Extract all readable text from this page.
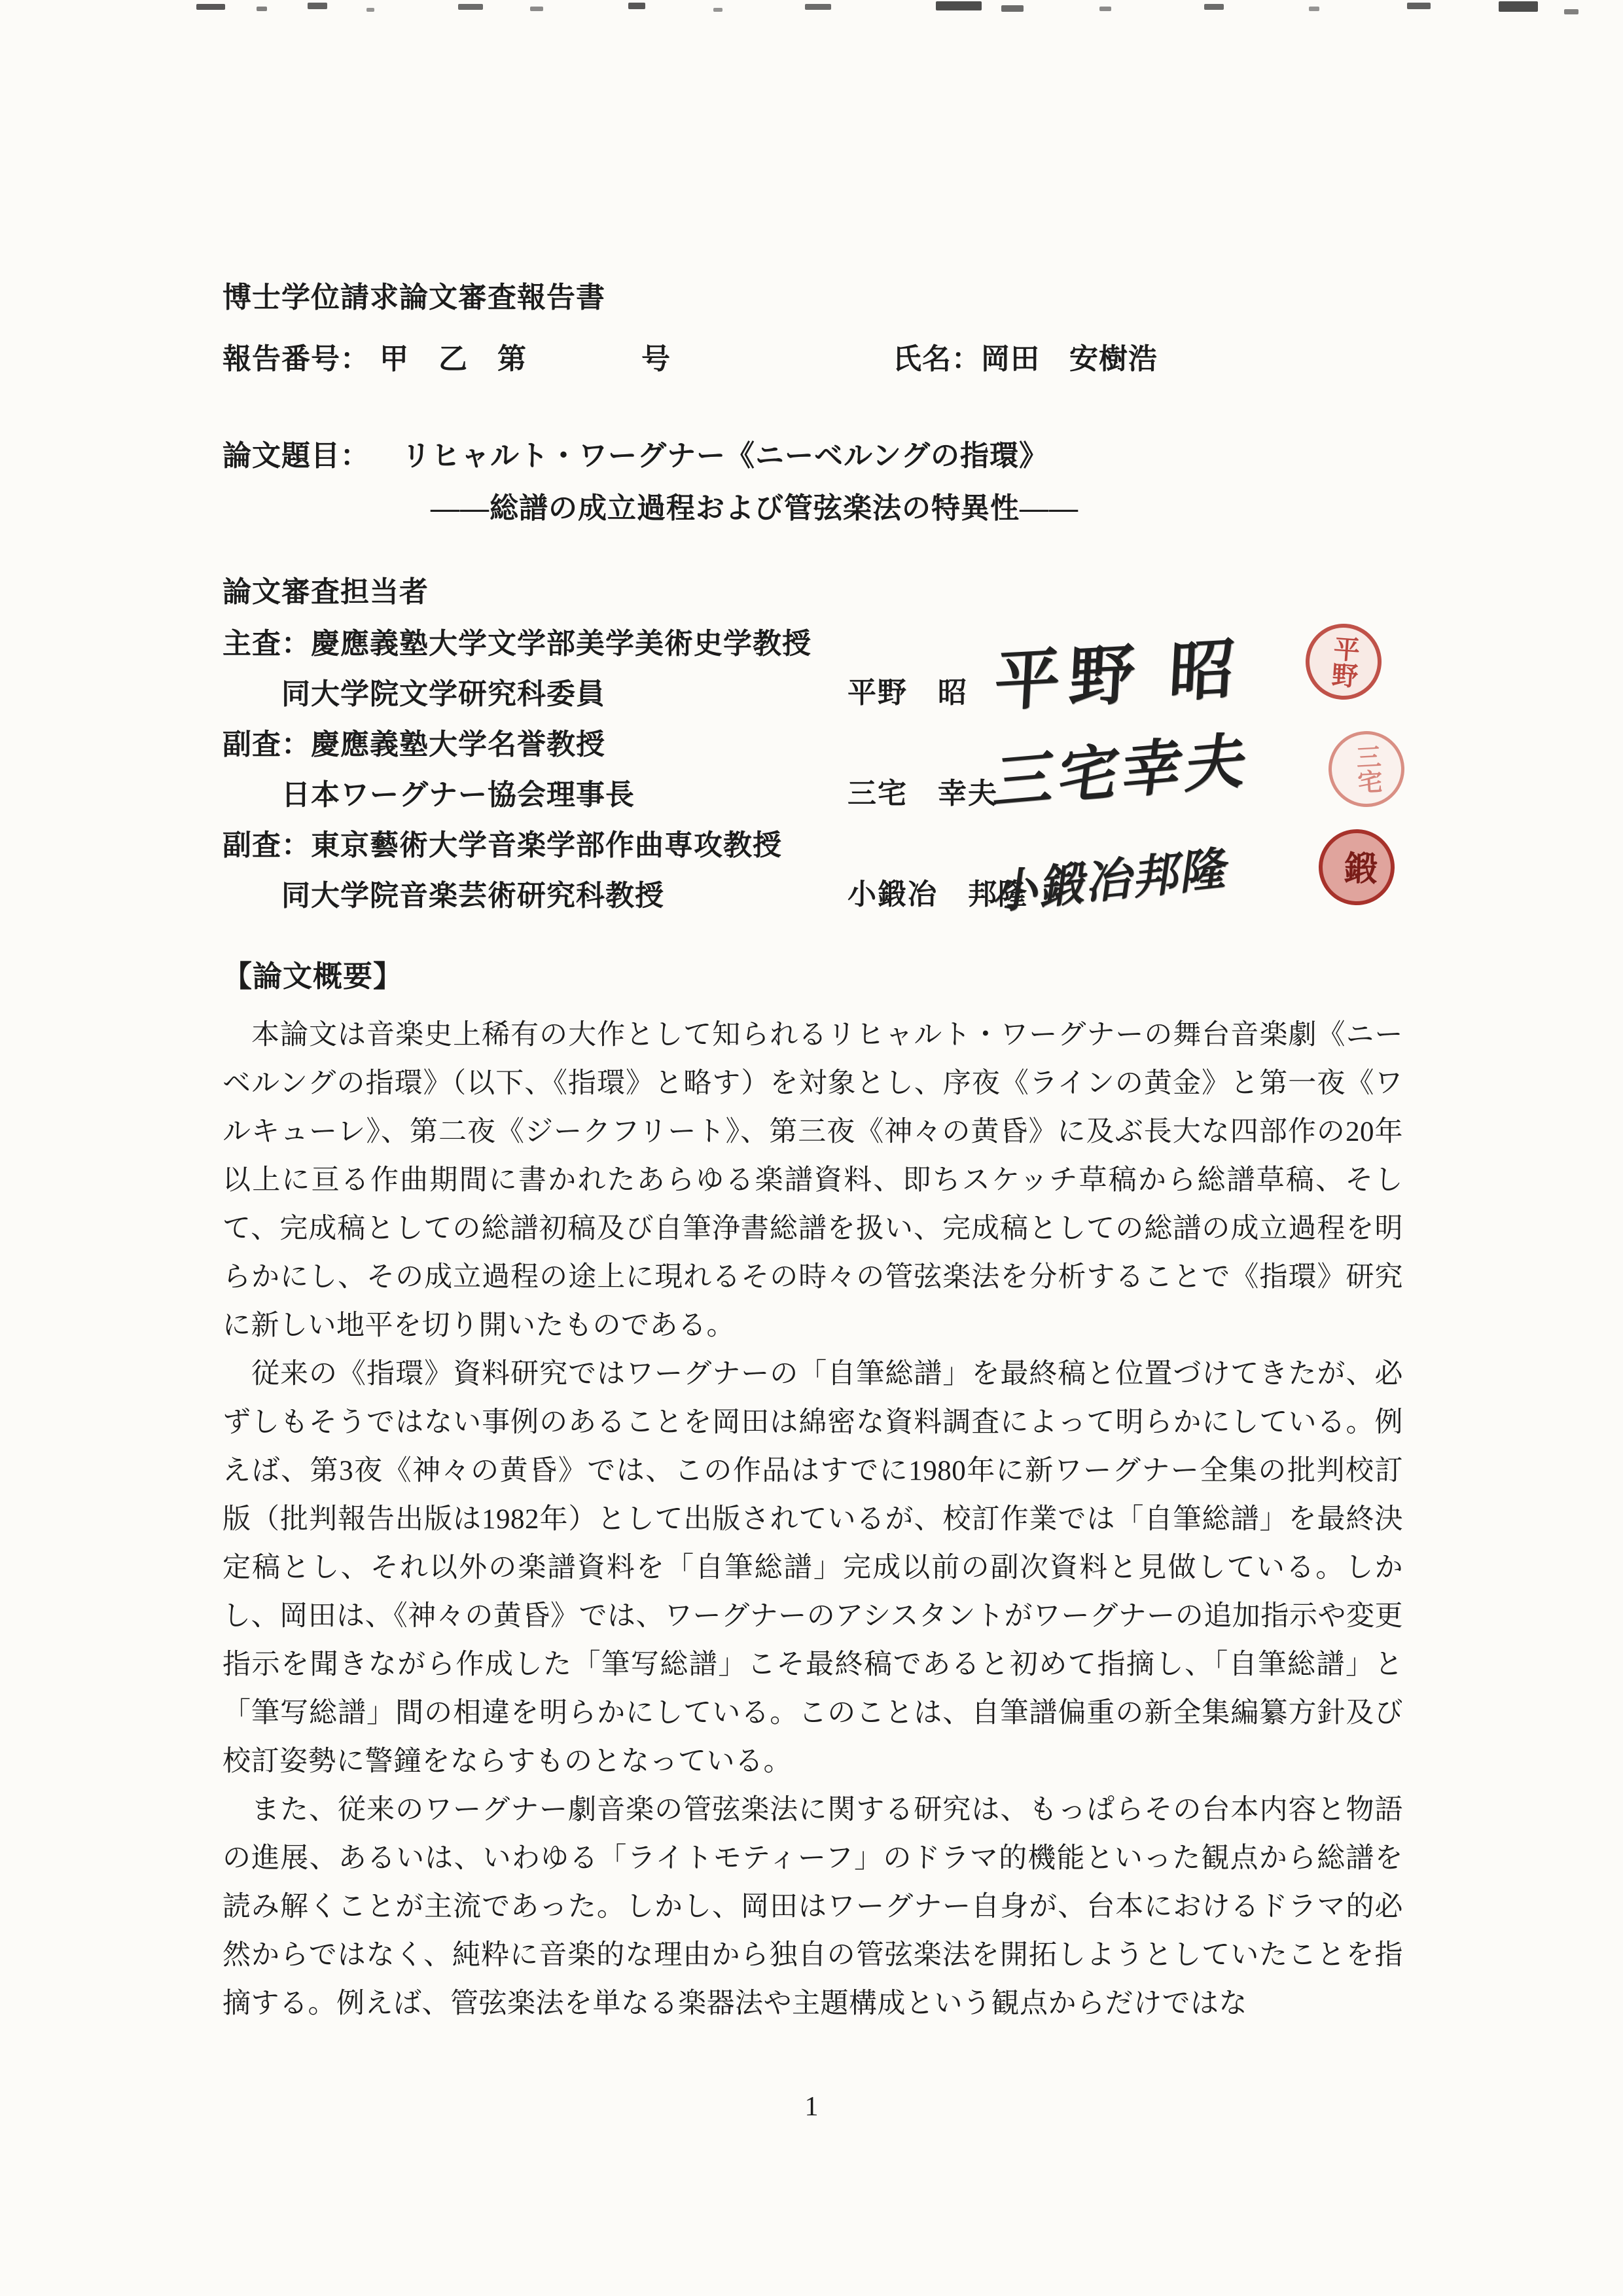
博士学位請求論文審査報告書
報告番号： 甲　乙　第	号	氏名：岡田　安樹浩
論文題目： リヒャルト・ワーグナー《ニーベルングの指環》
――総譜の成立過程および管弦楽法の特異性――
論文審査担当者
主査：慶應義塾大学文学部美学美術史学教授
同大学院文学研究科委員	平野　昭 平野 昭	平野
副査：慶應義塾大学名誉教授
日本ワーグナー協会理事長	三宅　幸夫
三宅幸夫	三宅
副査：東京藝術大学音楽学部作曲専攻教授
同大学院音楽芸術研究科教授	小鍛冶　邦隆
小鍛冶邦隆	鍛
【論文概要】

　本論文は音楽史上稀有の大作として知られるリヒャルト・ワーグナーの舞台音楽劇《ニーベルングの指環》（以下、《指環》と略す）を対象とし、序夜《ラインの黄金》と第一夜《ワルキューレ》、第二夜《ジークフリート》、第三夜《神々の黄昏》に及ぶ長大な四部作の20年以上に亘る作曲期間に書かれたあらゆる楽譜資料、即ちスケッチ草稿から総譜草稿、そして、完成稿としての総譜初稿及び自筆浄書総譜を扱い、完成稿としての総譜の成立過程を明らかにし、その成立過程の途上に現れるその時々の管弦楽法を分析することで《指環》研究に新しい地平を切り開いたものである。

　従来の《指環》資料研究ではワーグナーの「自筆総譜」を最終稿と位置づけてきたが、必ずしもそうではない事例のあることを岡田は綿密な資料調査によって明らかにしている。例えば、第3夜《神々の黄昏》では、この作品はすでに1980年に新ワーグナー全集の批判校訂版（批判報告出版は1982年）として出版されているが、校訂作業では「自筆総譜」を最終決定稿とし、それ以外の楽譜資料を「自筆総譜」完成以前の副次資料と見做している。しかし、岡田は、《神々の黄昏》では、ワーグナーのアシスタントがワーグナーの追加指示や変更指示を聞きながら作成した「筆写総譜」こそ最終稿であると初めて指摘し、「自筆総譜」と「筆写総譜」間の相違を明らかにしている。このことは、自筆譜偏重の新全集編纂方針及び校訂姿勢に警鐘をならすものとなっている。

　また、従来のワーグナー劇音楽の管弦楽法に関する研究は、もっぱらその台本内容と物語の進展、あるいは、いわゆる「ライトモティーフ」のドラマ的機能といった観点から総譜を読み解くことが主流であった。しかし、岡田はワーグナー自身が、台本におけるドラマ的必然からではなく、純粋に音楽的な理由から独自の管弦楽法を開拓しようとしていたことを指摘する。例えば、管弦楽法を単なる楽器法や主題構成という観点からだけではな

1
